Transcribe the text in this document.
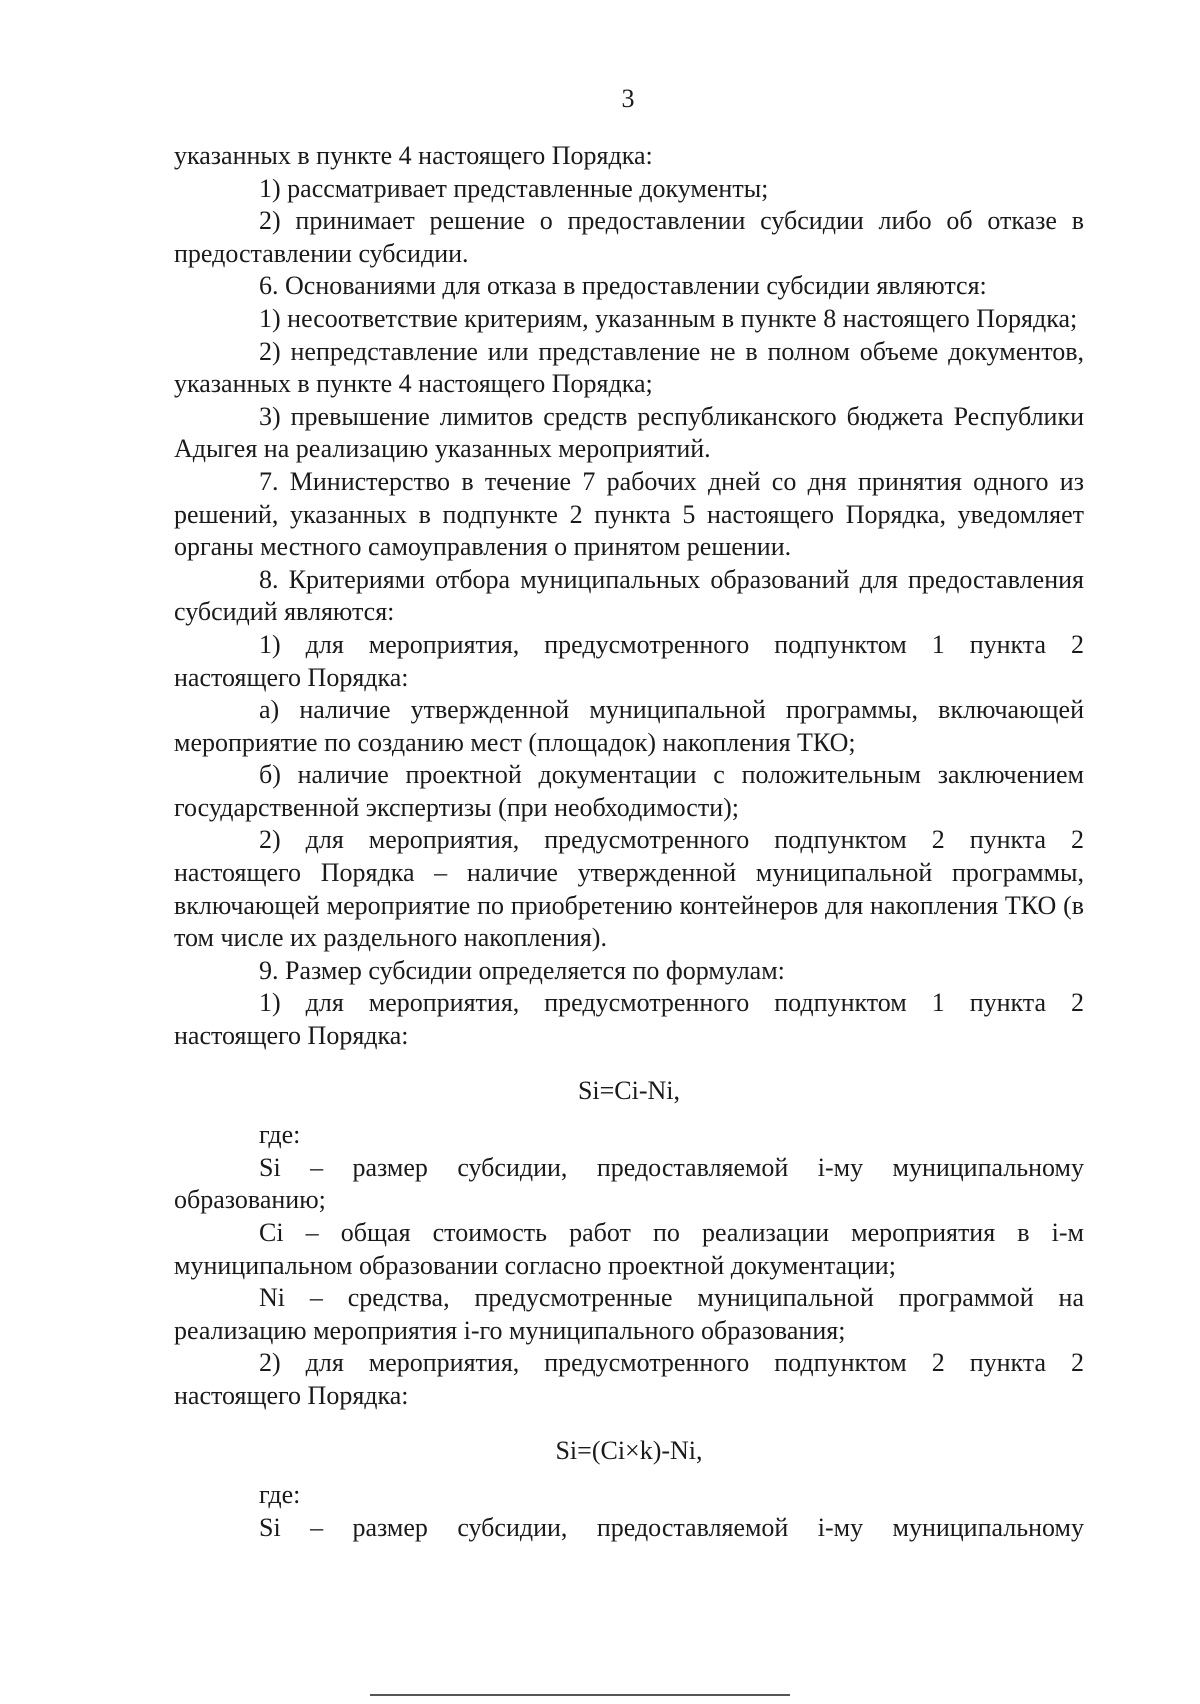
3

указанных в пункте 4 настоящего Порядка:

1) рассматривает представленные документы;

2) принимает решение о предоставлении субсидии либо об отказе в предоставлении субсидии.

6. Основаниями для отказа в предоставлении субсидии являются:

1) несоответствие критериям, указанным в пункте 8 настоящего Порядка;

2) непредставление или представление не в полном объеме документов, указанных в пункте 4 настоящего Порядка;

3) превышение лимитов средств республиканского бюджета Республики Адыгея на реализацию указанных мероприятий.

7. Министерство в течение 7 рабочих дней со дня принятия одного из решений, указанных в подпункте 2 пункта 5 настоящего Порядка, уведомляет органы местного самоуправления о принятом решении.

8. Критериями отбора муниципальных образований для предоставления субсидий являются:

1) для мероприятия, предусмотренного подпунктом 1 пункта 2 настоящего Порядка:

а) наличие утвержденной муниципальной программы, включающей мероприятие по созданию мест (площадок) накопления ТКО;

б) наличие проектной документации с положительным заключением государственной экспертизы (при необходимости);

2) для мероприятия, предусмотренного подпунктом 2 пункта 2 настоящего Порядка – наличие утвержденной муниципальной программы, включающей мероприятие по приобретению контейнеров для накопления ТКО (в том числе их раздельного накопления).

9. Размер субсидии определяется по формулам:

1) для мероприятия, предусмотренного подпунктом 1 пункта 2 настоящего Порядка:

Si=Ci-Ni,

где:

Si – размер субсидии, предоставляемой i-му муниципальному образованию;

Ci – общая стоимость работ по реализации мероприятия в i-м муниципальном образовании согласно проектной документации;

Ni – средства, предусмотренные муниципальной программой на реализацию мероприятия i-го муниципального образования;

2) для мероприятия, предусмотренного подпунктом 2 пункта 2 настоящего Порядка:

Si=(Ci×k)-Ni,

где:

Si – размер субсидии, предоставляемой i-му муниципальному
